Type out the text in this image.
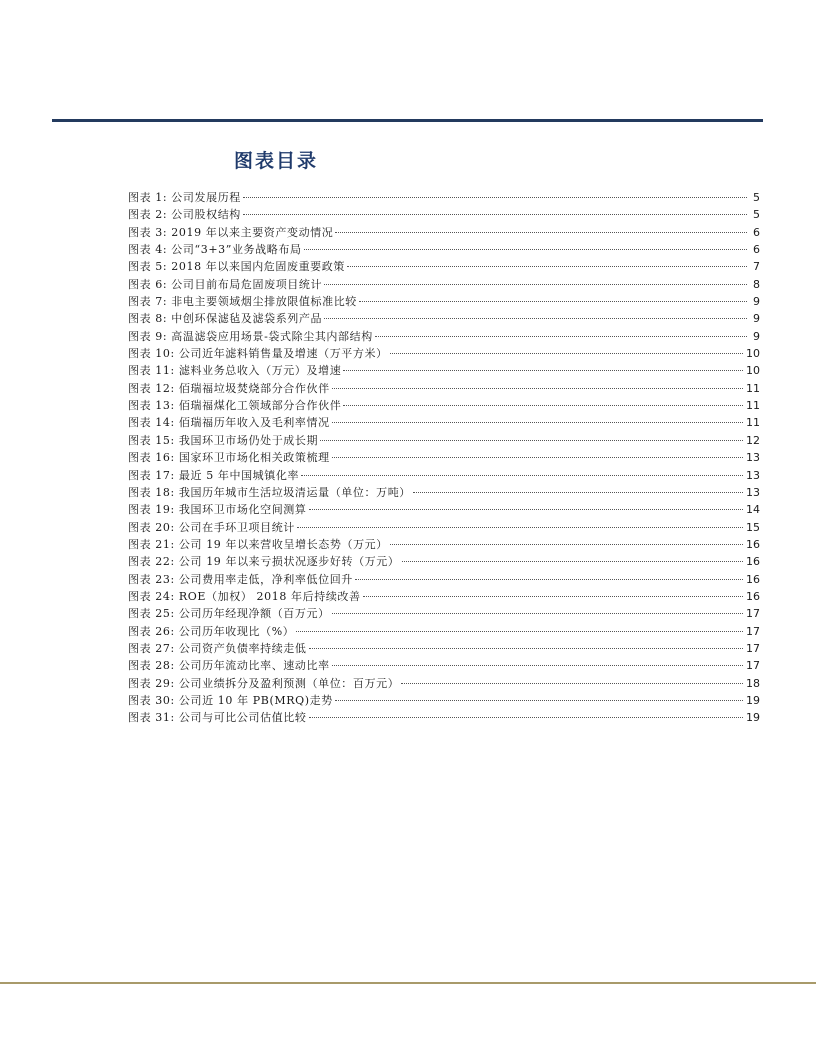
图表目录
图表 1: 公司发展历程	5
图表 2: 公司股权结构	5
图表 3: 2019 年以来主要资产变动情况	6
图表 4: 公司“3+3”业务战略布局	6
图表 5: 2018 年以来国内危固废重要政策	7
图表 6: 公司目前布局危固废项目统计	8
图表 7: 非电主要领域烟尘排放限值标准比较	9
图表 8: 中创环保滤毡及滤袋系列产品	9
图表 9: 高温滤袋应用场景-袋式除尘其内部结构	9
图表 10: 公司近年滤料销售量及增速（万平方米）	10
图表 11: 滤料业务总收入（万元）及增速	10
图表 12: 佰瑞福垃圾焚烧部分合作伙伴	11
图表 13: 佰瑞福煤化工领域部分合作伙伴	11
图表 14: 佰瑞福历年收入及毛利率情况	11
图表 15: 我国环卫市场仍处于成长期	12
图表 16: 国家环卫市场化相关政策梳理	13
图表 17: 最近 5 年中国城镇化率	13
图表 18: 我国历年城市生活垃圾清运量（单位：万吨）	13
图表 19: 我国环卫市场化空间测算	14
图表 20: 公司在手环卫项目统计	15
图表 21: 公司 19 年以来营收呈增长态势（万元）	16
图表 22: 公司 19 年以来亏损状况逐步好转（万元）	16
图表 23: 公司费用率走低，净利率低位回升	16
图表 24: ROE（加权） 2018 年后持续改善	16
图表 25: 公司历年经现净额（百万元）	17
图表 26: 公司历年收现比（%）	17
图表 27: 公司资产负债率持续走低	17
图表 28: 公司历年流动比率、速动比率	17
图表 29: 公司业绩拆分及盈利预测（单位：百万元）	18
图表 30: 公司近 10 年 PB(MRQ)走势	19
图表 31: 公司与可比公司估值比较	19
